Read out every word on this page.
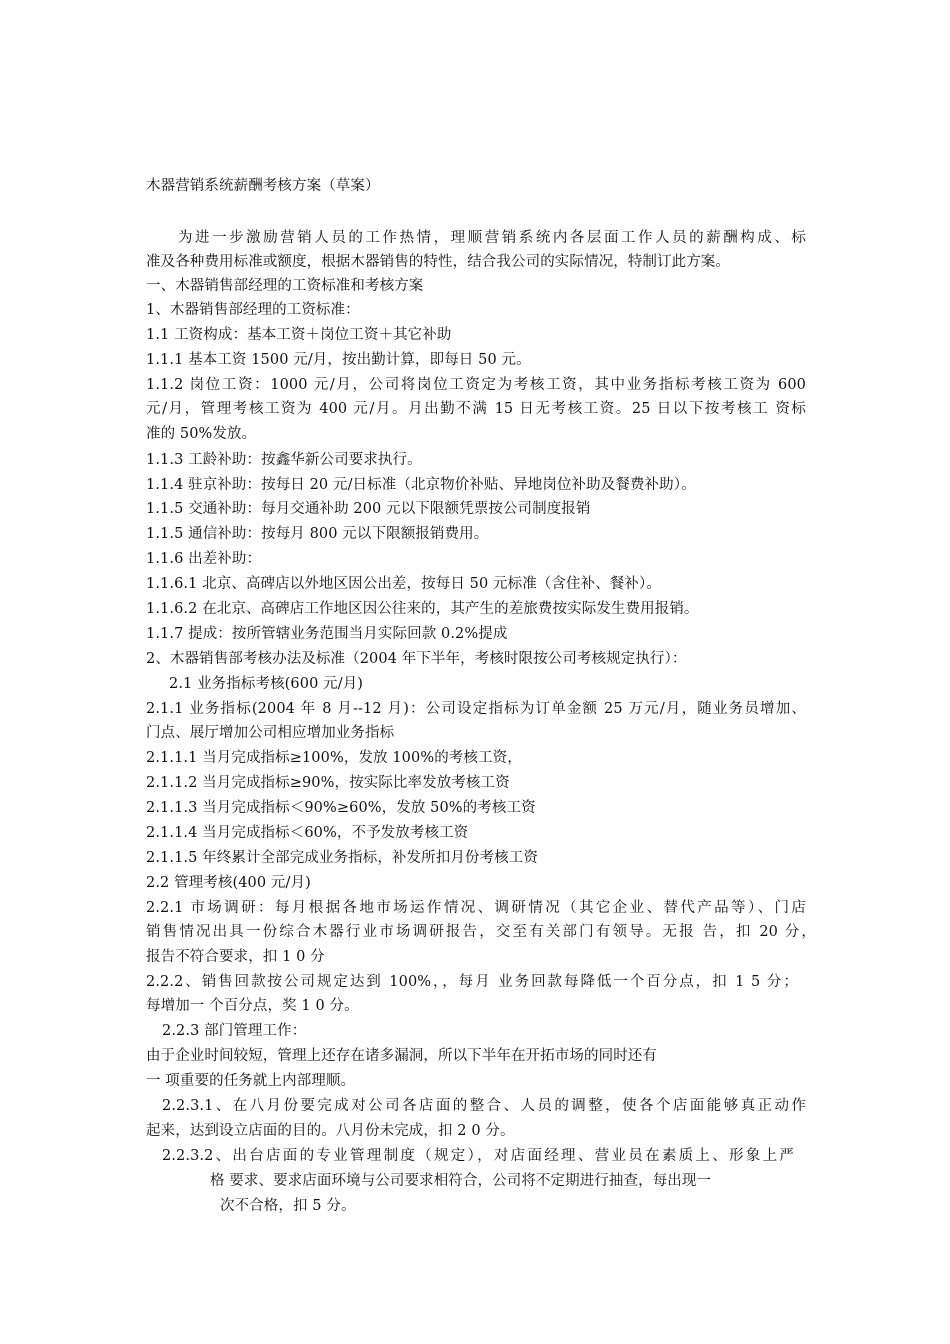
木器营销系统薪酬考核方案（草案）

为进一步激励营销人员的工作热情，理顺营销系统内各层面工作人员的薪酬构成、标

准及各种费用标准或额度，根据木器销售的特性，结合我公司的实际情况，特制订此方案。

一、木器销售部经理的工资标准和考核方案

1、木器销售部经理的工资标准：

1.1 工资构成：基本工资＋岗位工资＋其它补助

1.1.1 基本工资 1500 元/月，按出勤计算，即每日 50 元。

1.1.2 岗位工资：1000 元/月，公司将岗位工资定为考核工资，其中业务指标考核工资为 600

元/月，管理考核工资为 400 元/月。月出勤不满 15 日无考核工资。25 日以下按考核工 资标

准的 50%发放。

1.1.3 工龄补助：按鑫华新公司要求执行。

1.1.4 驻京补助：按每日 20 元/日标准（北京物价补贴、异地岗位补助及餐费补助）。

1.1.5 交通补助：每月交通补助 200 元以下限额凭票按公司制度报销

1.1.5 通信补助：按每月 800 元以下限额报销费用。

1.1.6 出差补助：

1.1.6.1 北京、高碑店以外地区因公出差，按每日 50 元标准（含住补、餐补）。

1.1.6.2 在北京、高碑店工作地区因公往来的，其产生的差旅费按实际发生费用报销。

1.1.7 提成：按所管辖业务范围当月实际回款 0.2%提成

2、木器销售部考核办法及标准（2004 年下半年，考核时限按公司考核规定执行）：

2.1 业务指标考核(600 元/月)

2.1.1 业务指标(2004 年 8 月--12 月)：公司设定指标为订单金额 25 万元/月，随业务员增加、

门点、展厅增加公司相应增加业务指标

2.1.1.1 当月完成指标≥100%，发放 100%的考核工资，

2.1.1.2 当月完成指标≥90%，按实际比率发放考核工资

2.1.1.3 当月完成指标＜90%≥60%，发放 50%的考核工资

2.1.1.4 当月完成指标＜60%，不予发放考核工资

2.1.1.5 年终累计全部完成业务指标，补发所扣月份考核工资

2.2 管理考核(400 元/月)

2.2.1 市场调研：每月根据各地市场运作情况、调研情况（其它企业、替代产品等）、门店

销售情况出具一份综合木器行业市场调研报告，交至有关部门有领导。无报 告，扣 20 分，

报告不符合要求，扣 1 0 分

2.2.2、销售回款按公司规定达到 100%，，每月 业务回款每降低一个百分点，扣 1 5 分；

每增加一 个百分点，奖 1 0 分。

2.2.3 部门管理工作：

由于企业时间较短，管理上还存在诸多漏洞，所以下半年在开拓市场的同时还有

一 项重要的任务就上内部理顺。

2.2.3.1、在八月份要完成对公司各店面的整合、人员的调整，使各个店面能够真正动作

起来，达到设立店面的目的。八月份未完成，扣 2 0 分。

2.2.3.2、出台店面的专业管理制度（规定），对店面经理、营业员在素质上、形象上严

格 要求、要求店面环境与公司要求相符合，公司将不定期进行抽查，每出现一

次不合格，扣 5 分。
